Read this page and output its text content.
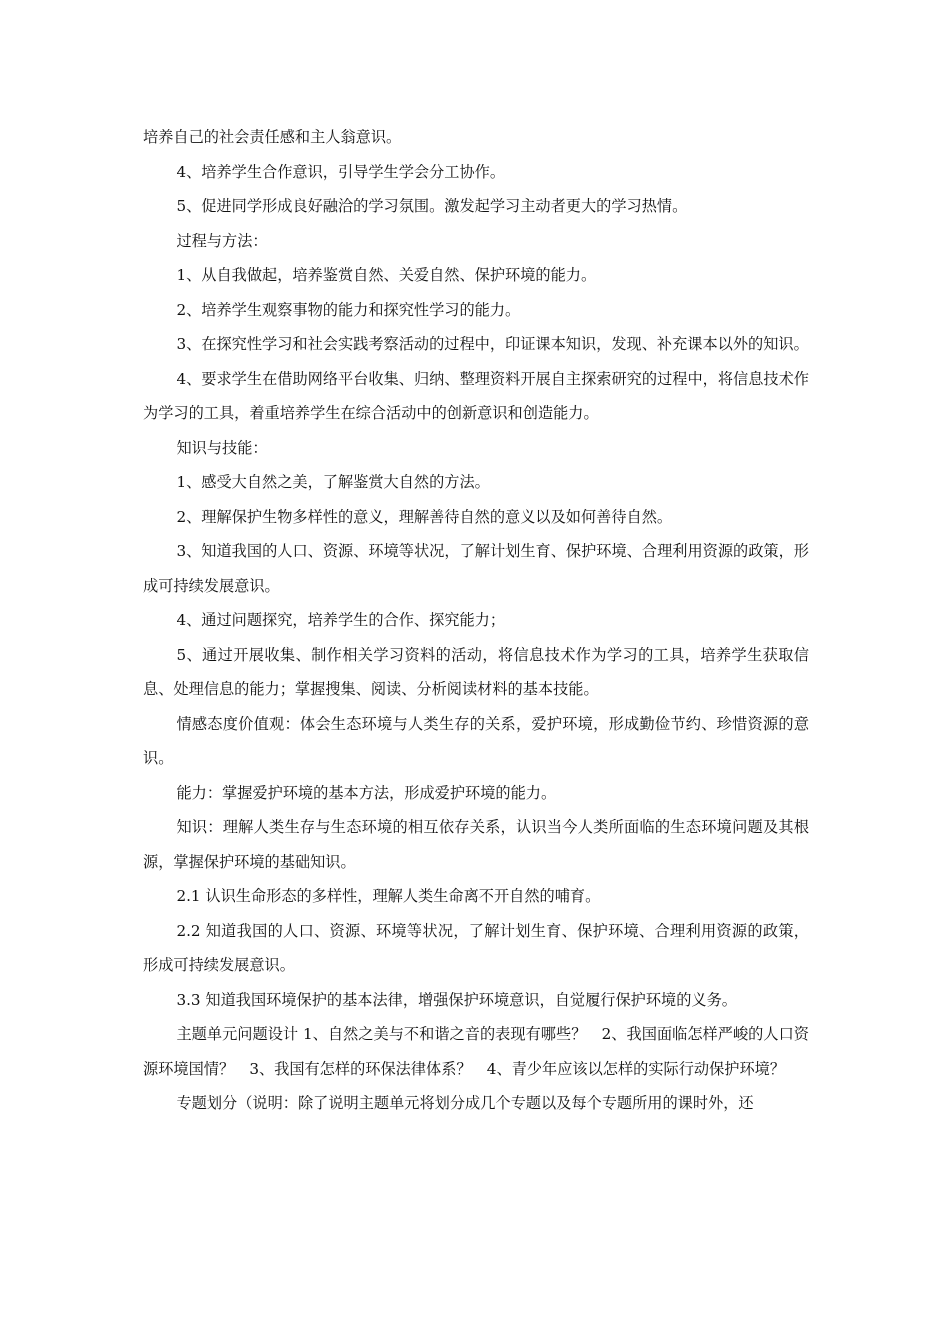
培养自己的社会责任感和主人翁意识。

4、培养学生合作意识，引导学生学会分工协作。

5、促进同学形成良好融洽的学习氛围。激发起学习主动者更大的学习热情。

过程与方法：

1、从自我做起，培养鉴赏自然、关爱自然、保护环境的能力。

2、培养学生观察事物的能力和探究性学习的能力。

3、在探究性学习和社会实践考察活动的过程中，印证课本知识，发现、补充课本以外的知识。

4、要求学生在借助网络平台收集、归纳、整理资料开展自主探索研究的过程中，将信息技术作为学习的工具，着重培养学生在综合活动中的创新意识和创造能力。

知识与技能：

1、感受大自然之美，了解鉴赏大自然的方法。

2、理解保护生物多样性的意义，理解善待自然的意义以及如何善待自然。

3、知道我国的人口、资源、环境等状况，了解计划生育、保护环境、合理利用资源的政策，形成可持续发展意识。

4、通过问题探究，培养学生的合作、探究能力；

5、通过开展收集、制作相关学习资料的活动，将信息技术作为学习的工具，培养学生获取信息、处理信息的能力；掌握搜集、阅读、分析阅读材料的基本技能。

情感态度价值观：体会生态环境与人类生存的关系，爱护环境，形成勤俭节约、珍惜资源的意识。

能力：掌握爱护环境的基本方法，形成爱护环境的能力。

知识：理解人类生存与生态环境的相互依存关系，认识当今人类所面临的生态环境问题及其根源，掌握保护环境的基础知识。

2.1 认识生命形态的多样性，理解人类生命离不开自然的哺育。

2.2 知道我国的人口、资源、环境等状况，了解计划生育、保护环境、合理利用资源的政策，形成可持续发展意识。

3.3 知道我国环境保护的基本法律，增强保护环境意识，自觉履行保护环境的义务。

主题单元问题设计 1、自然之美与不和谐之音的表现有哪些？　2、我国面临怎样严峻的人口资源环境国情？　3、我国有怎样的环保法律体系？　4、青少年应该以怎样的实际行动保护环境？

专题划分（说明：除了说明主题单元将划分成几个专题以及每个专题所用的课时外，还
